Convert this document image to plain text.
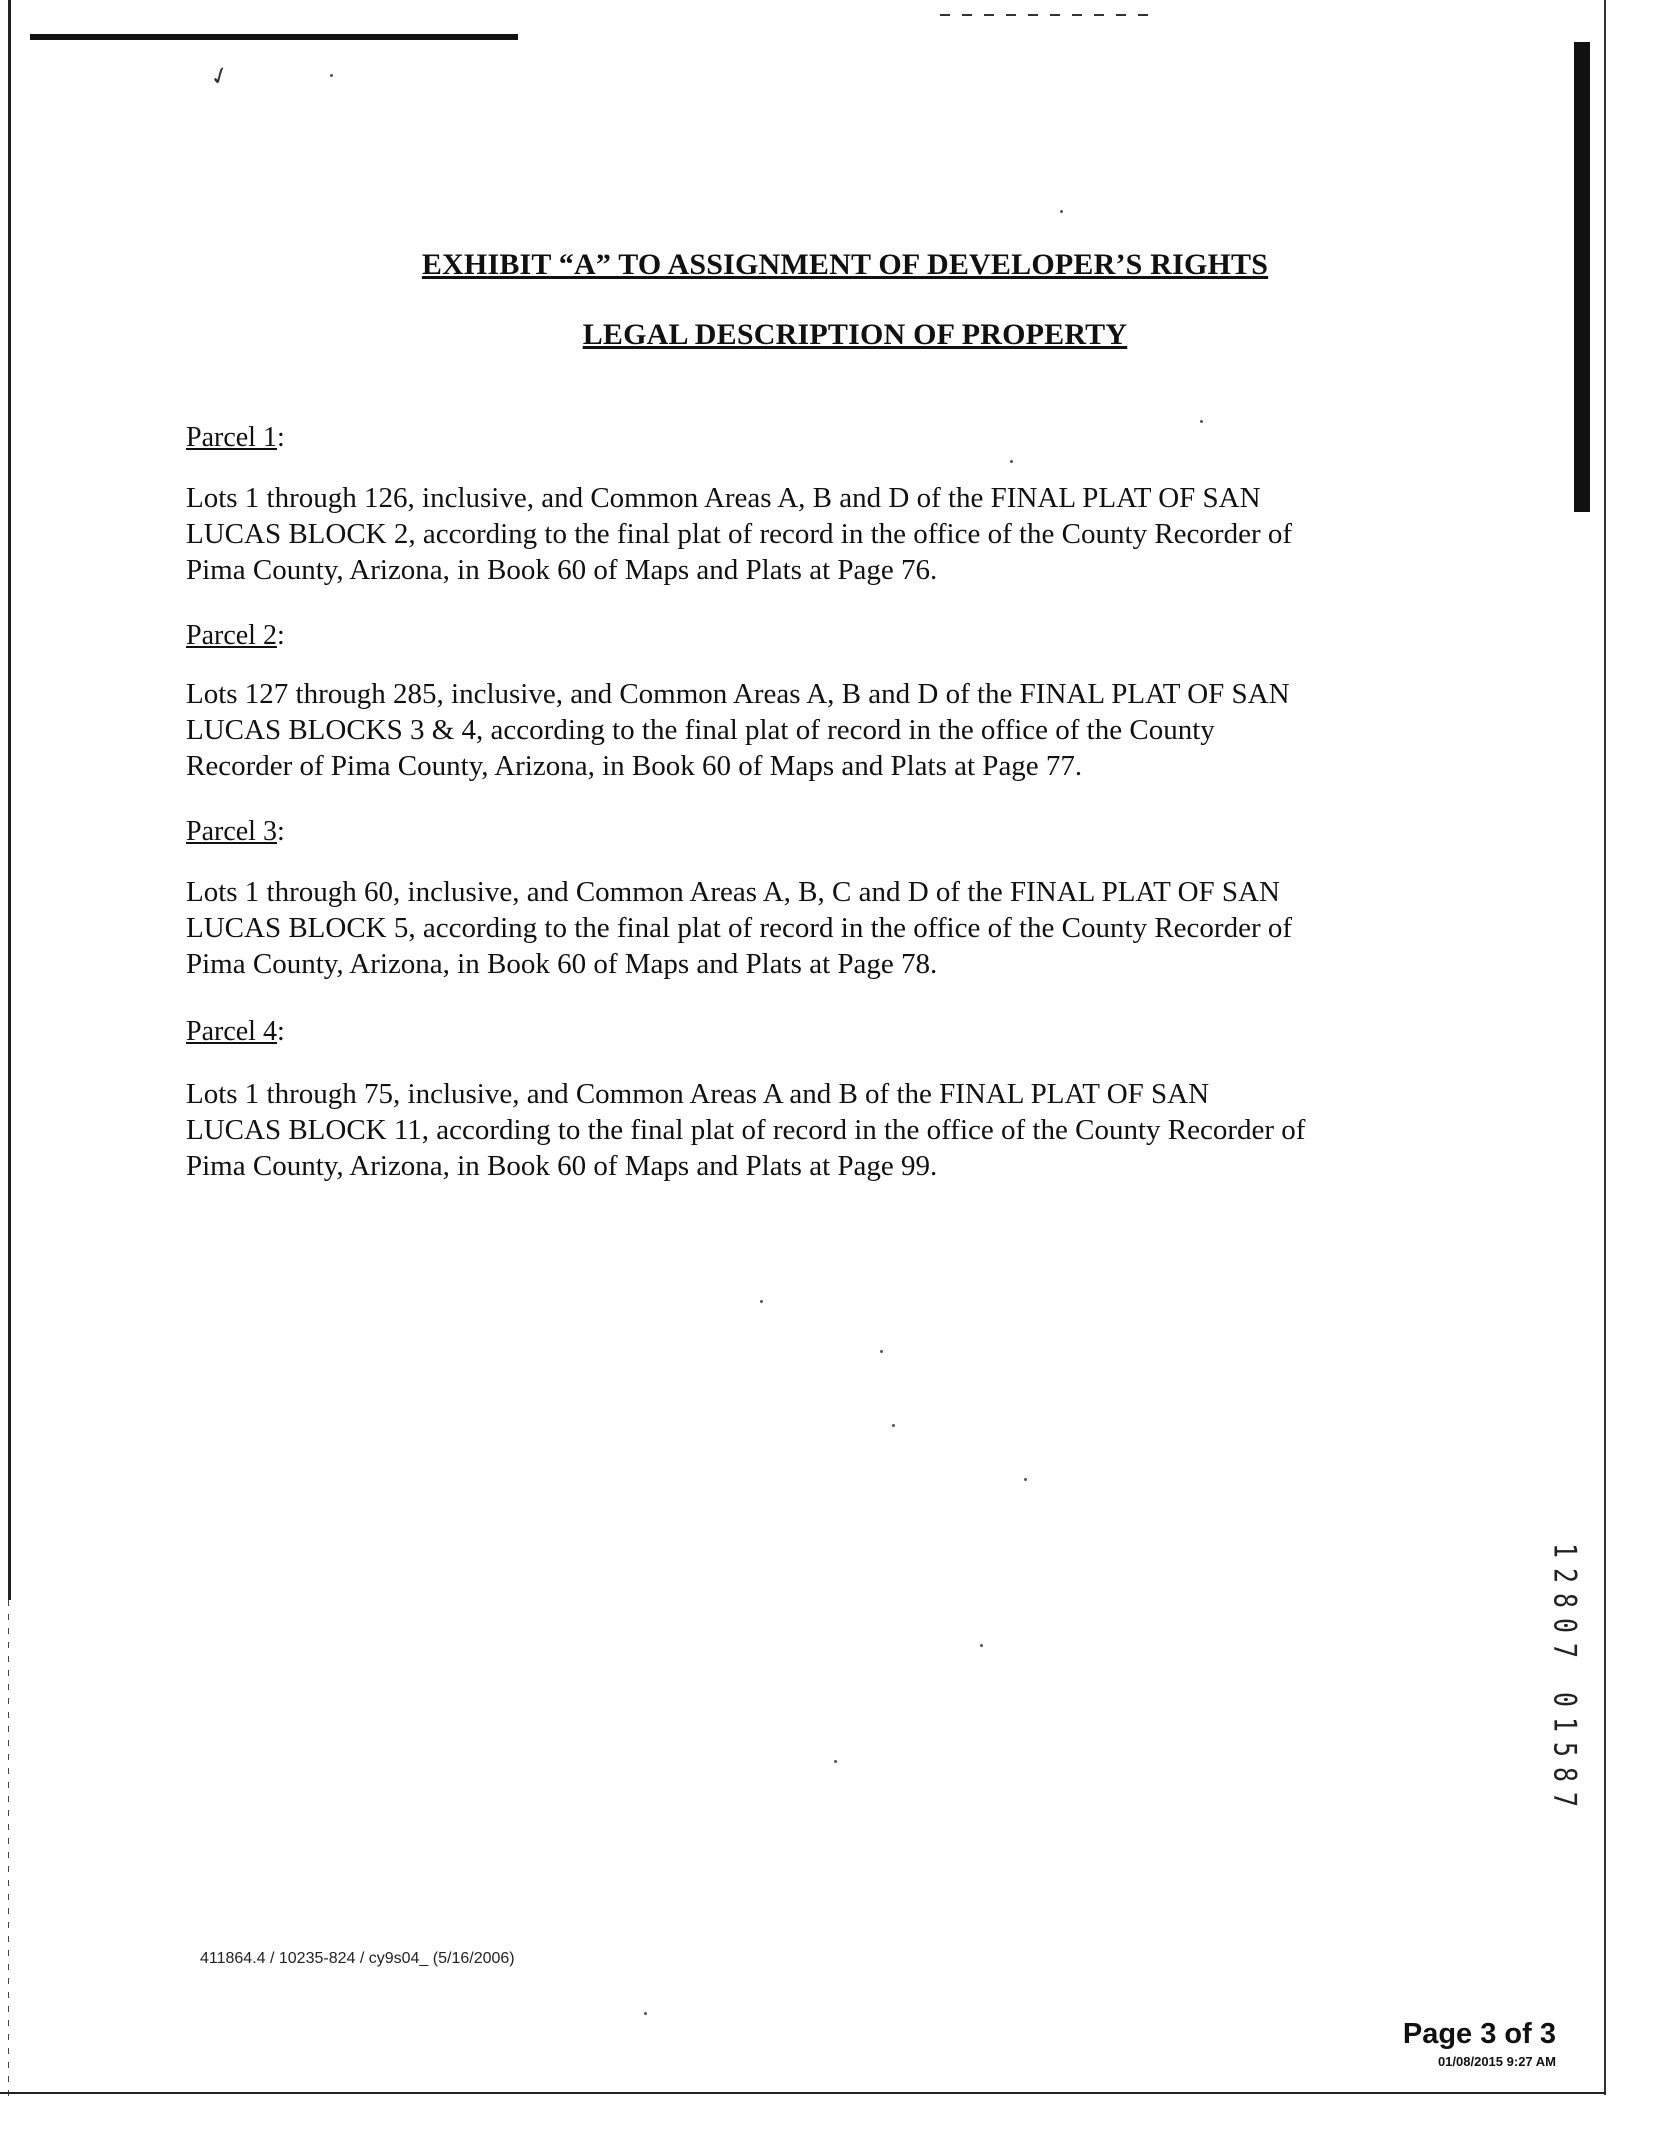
✓
EXHIBIT “A” TO ASSIGNMENT OF DEVELOPER’S RIGHTS
LEGAL DESCRIPTION OF PROPERTY
Parcel 1:
Lots 1 through 126, inclusive, and Common Areas A, B and D of the FINAL PLAT OF SAN
LUCAS BLOCK 2, according to the final plat of record in the office of the County Recorder of
Pima County, Arizona, in Book 60 of Maps and Plats at Page 76.
Parcel 2:
Lots 127 through 285, inclusive, and Common Areas A, B and D of the FINAL PLAT OF SAN
LUCAS BLOCKS 3 & 4, according to the final plat of record in the office of the County
Recorder of Pima County, Arizona, in Book 60 of Maps and Plats at Page 77.
Parcel 3:
Lots 1 through 60, inclusive, and Common Areas A, B, C and D of the FINAL PLAT OF SAN
LUCAS BLOCK 5, according to the final plat of record in the office of the County Recorder of
Pima County, Arizona, in Book 60 of Maps and Plats at Page 78.
Parcel 4:
Lots 1 through 75, inclusive, and Common Areas A and B of the FINAL PLAT OF SAN
LUCAS BLOCK 11, according to the final plat of record in the office of the County Recorder of
Pima County, Arizona, in Book 60 of Maps and Plats at Page 99.
1
2
8
0
7
0
1
5
8
7
411864.4 / 10235-824 / cy9s04_ (5/16/2006)
Page 3 of 3
01/08/2015 9:27 AM
